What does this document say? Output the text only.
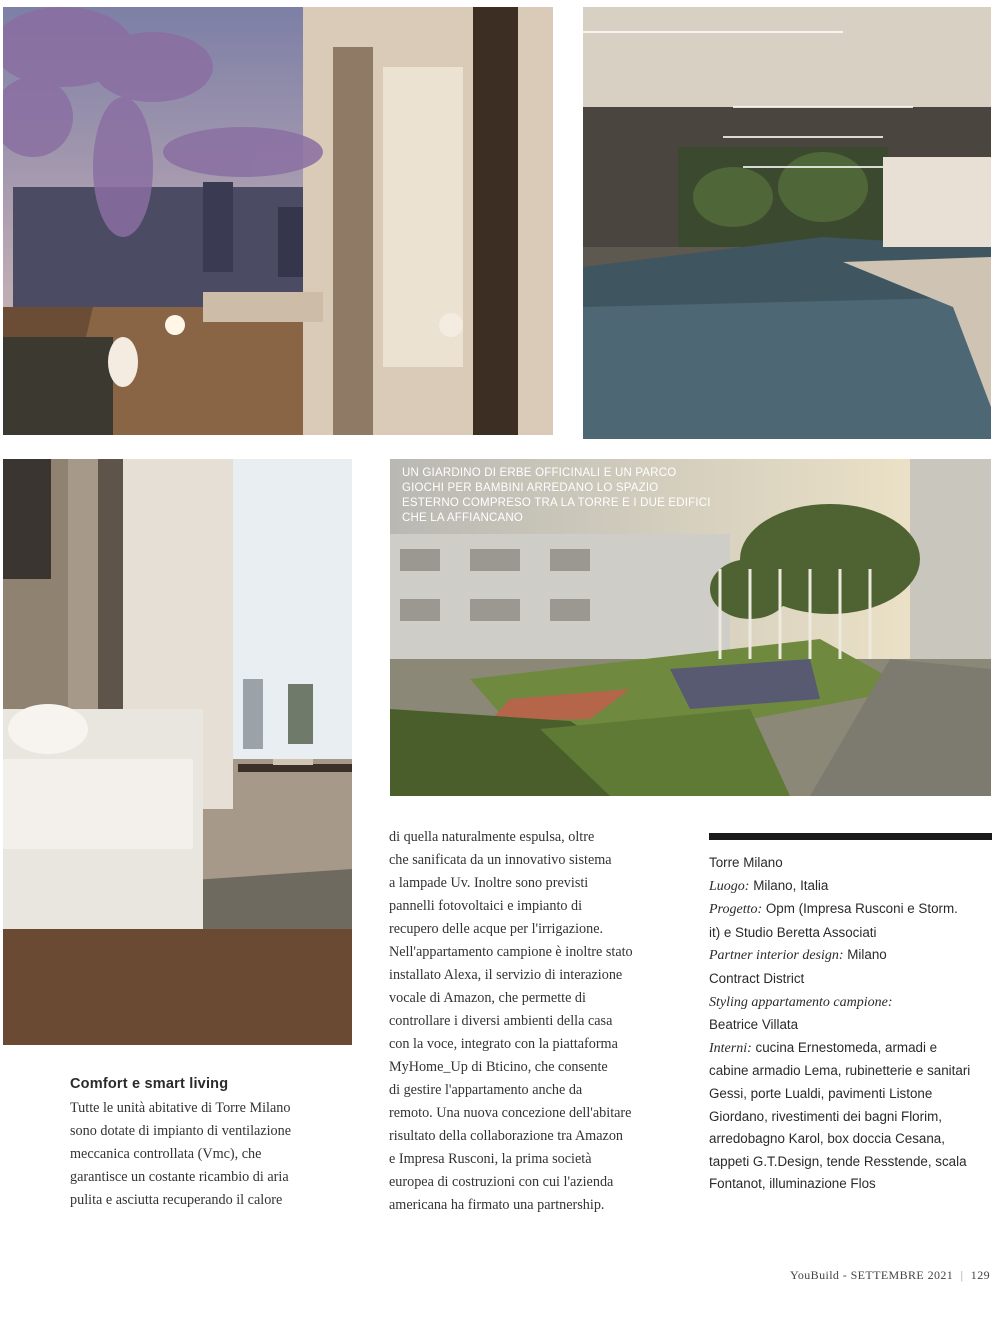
UN GIARDINO DI ERBE OFFICINALI E UN PARCO
GIOCHI PER BAMBINI ARREDANO LO SPAZIO
ESTERNO COMPRESO TRA LA TORRE E I DUE EDIFICI
CHE LA AFFIANCANO
Comfort e smart living
Tutte le unità abitative di Torre Milano
sono dotate di impianto di ventilazione
meccanica controllata (Vmc), che
garantisce un costante ricambio di aria
pulita e asciutta recuperando il calore
di quella naturalmente espulsa, oltre
che sanificata da un innovativo sistema
a lampade Uv. Inoltre sono previsti
pannelli fotovoltaici e impianto di
recupero delle acque per l'irrigazione.
Nell'appartamento campione è inoltre stato
installato Alexa, il servizio di interazione
vocale di Amazon, che permette di
controllare i diversi ambienti della casa
con la voce, integrato con la piattaforma
MyHome_Up di Bticino, che consente
di gestire l'appartamento anche da
remoto. Una nuova concezione dell'abitare
risultato della collaborazione tra Amazon
e Impresa Rusconi, la prima società
europea di costruzioni con cui l'azienda
americana ha firmato una partnership.
Torre Milano
Luogo: Milano, Italia
Progetto: Opm (Impresa Rusconi e Storm.
it) e Studio Beretta Associati
Partner interior design: Milano
Contract District
Styling appartamento campione:
Beatrice Villata
Interni: cucina Ernestomeda, armadi e
cabine armadio Lema, rubinetterie e sanitari
Gessi, porte Lualdi, pavimenti Listone
Giordano, rivestimenti dei bagni Florim,
arredobagno Karol, box doccia Cesana,
tappeti G.T.Design, tende Resstende, scala
Fontanot, illuminazione Flos
YouBuild - SETTEMBRE 2021 | 129
